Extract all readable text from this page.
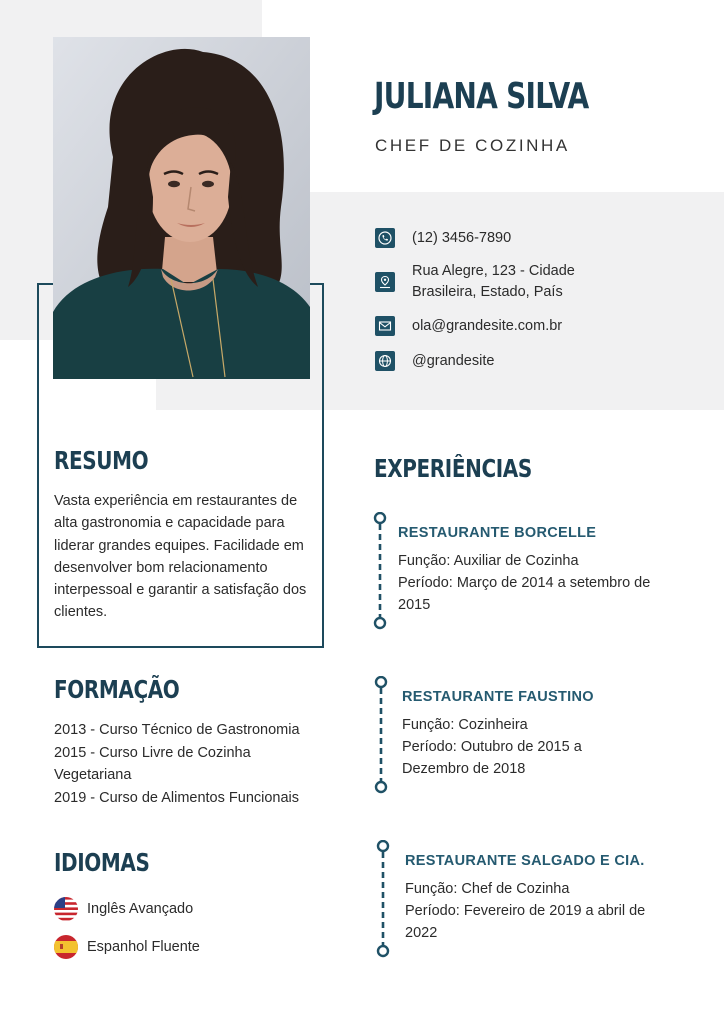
JULIANA SILVA
CHEF DE COZINHA
(12) 3456-7890
Rua Alegre, 123 - Cidade
Brasileira, Estado, País
ola@grandesite.com.br
@grandesite
RESUMO

Vasta experiência em restaurantes de alta gastronomia e capacidade para liderar grandes equipes. Facilidade em desenvolver bom relacionamento interpessoal e garantir a satisfação dos clientes.

FORMAÇÃO
2013 - Curso Técnico de Gastronomia
2015 - Curso Livre de Cozinha Vegetariana
2019 - Curso de Alimentos Funcionais
IDIOMAS
Inglês Avançado
Espanhol Fluente
EXPERIÊNCIAS

RESTAURANTE BORCELLE

Função: Auxiliar de Cozinha

Período: Março de 2014 a setembro de 2015

RESTAURANTE FAUSTINO

Função: Cozinheira

Período: Outubro de 2015 a Dezembro de 2018

RESTAURANTE SALGADO E CIA.

Função: Chef de Cozinha

Período: Fevereiro de 2019 a abril de 2022
